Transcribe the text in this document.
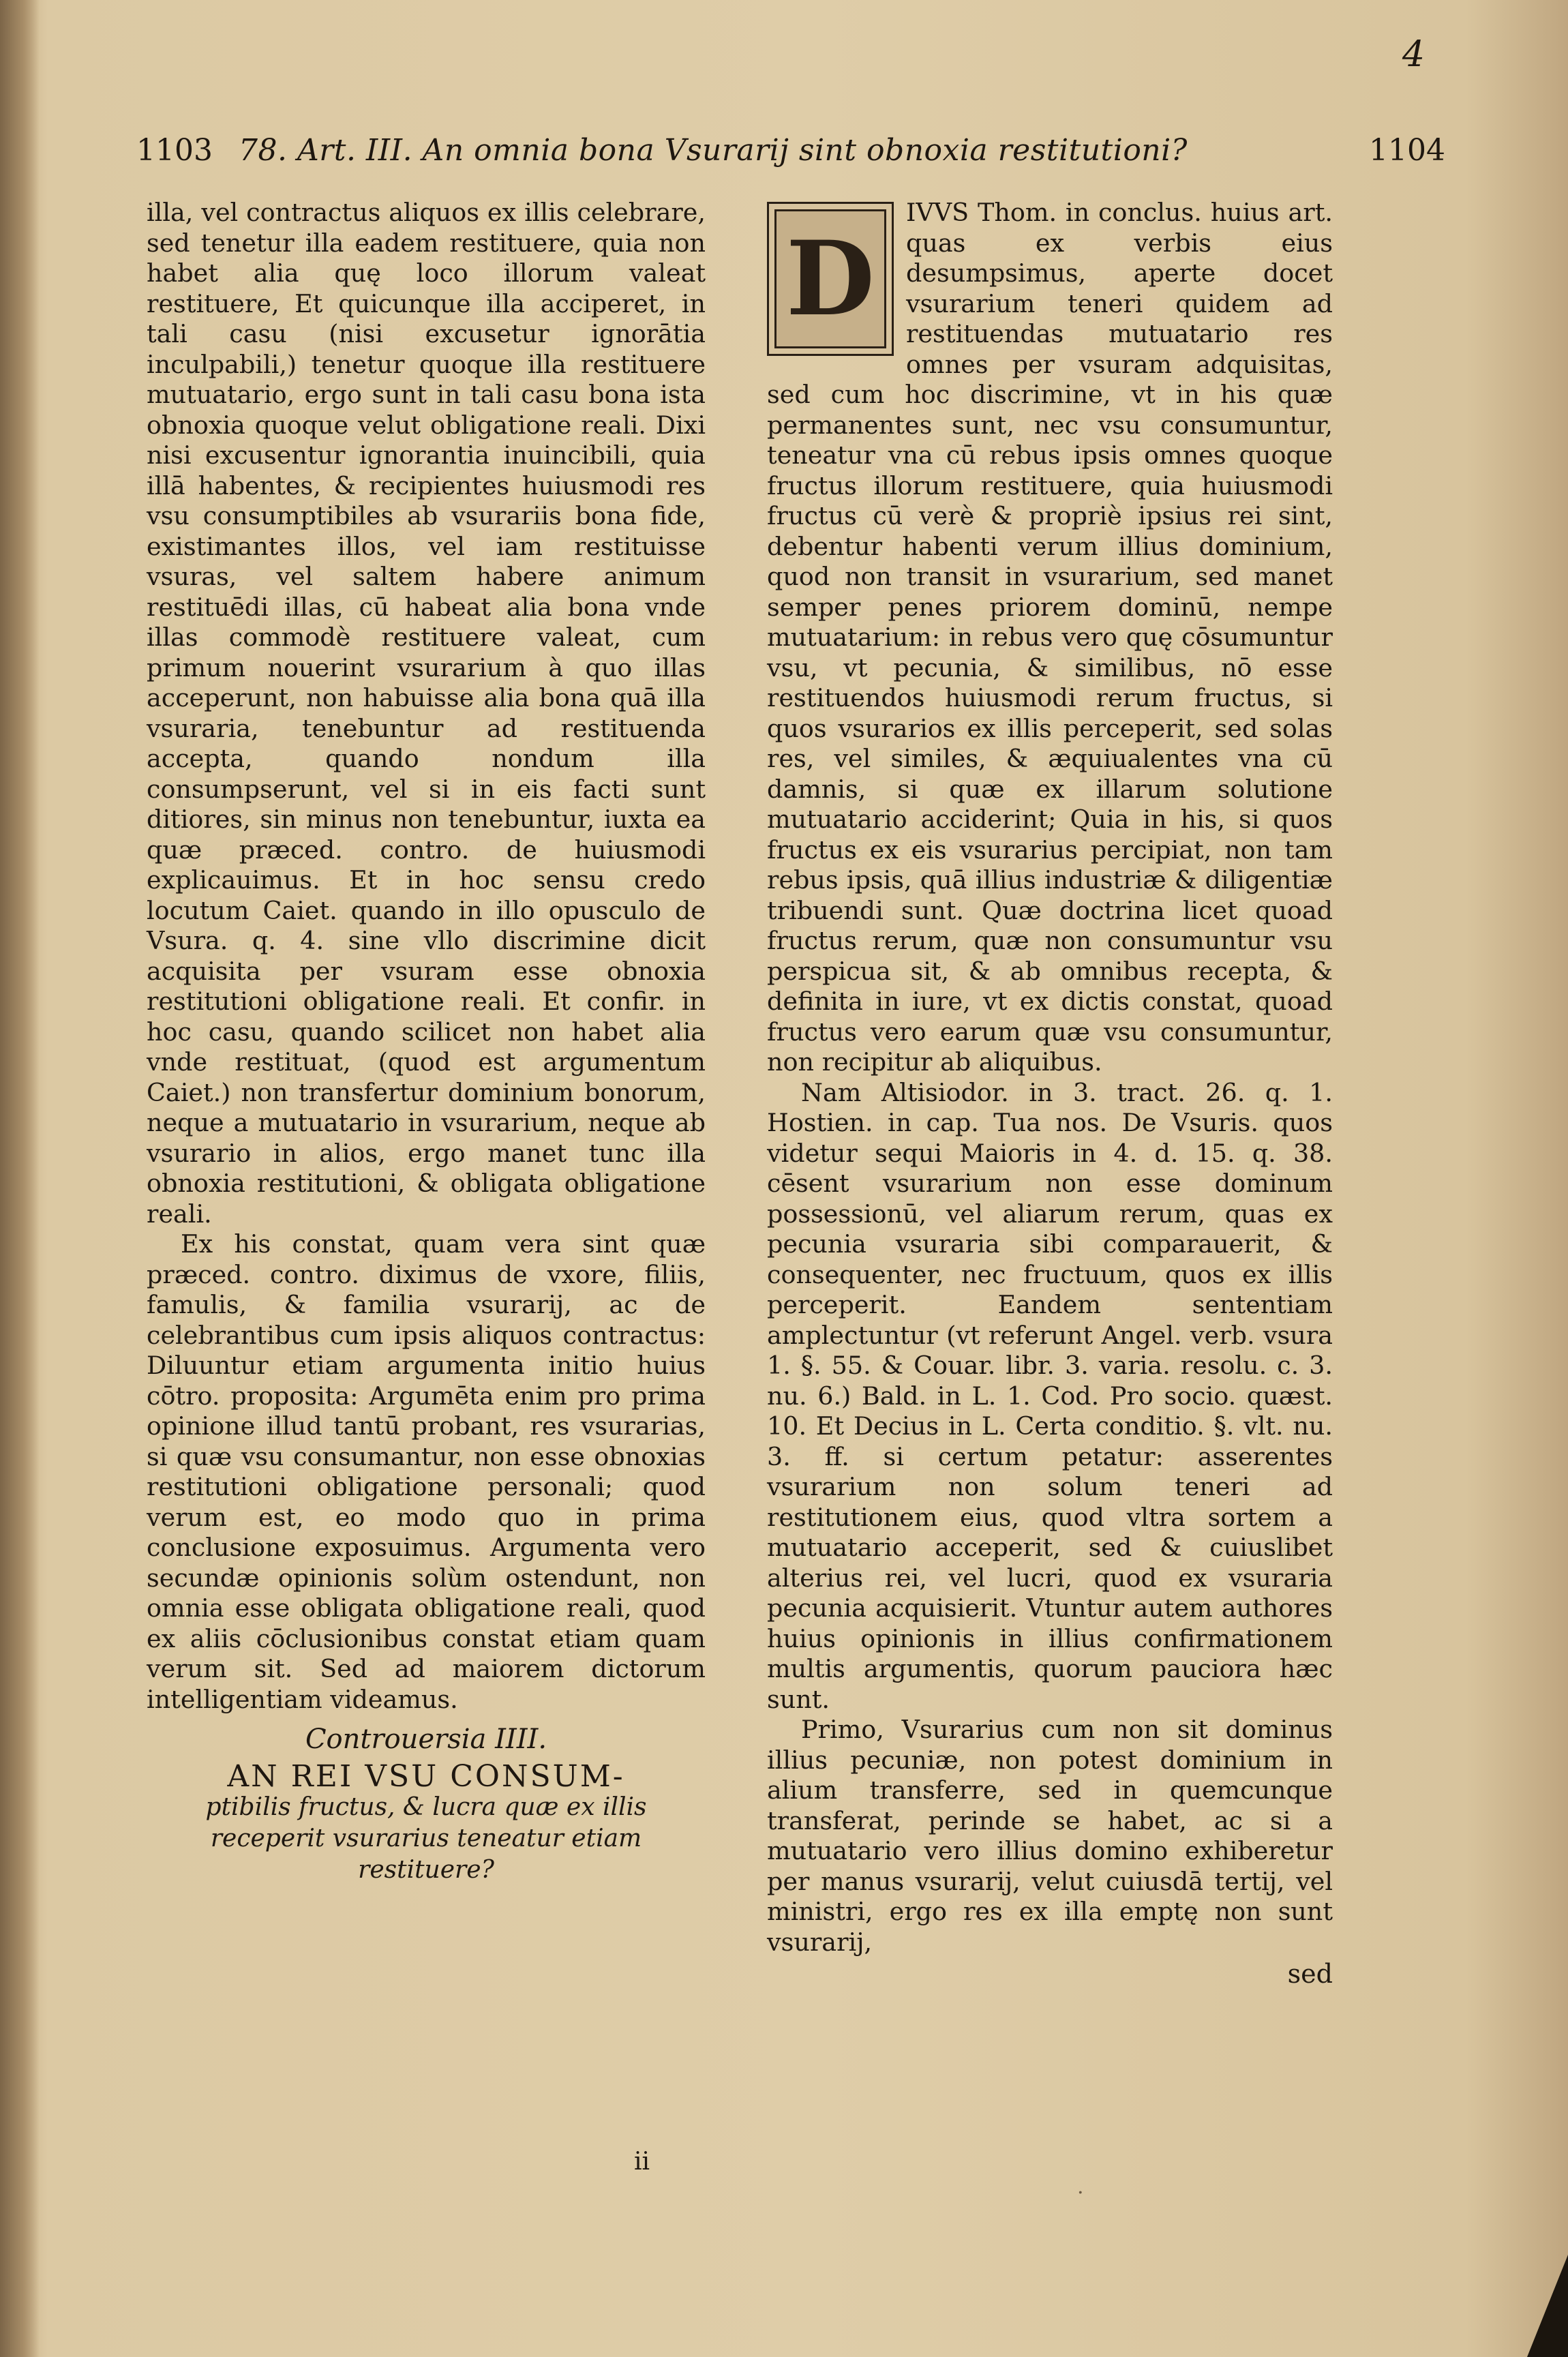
4
1103 78. Art. III. An omnia bona Vsurarij sint obnoxia restitutioni?	1104

illa, vel contractus aliquos ex illis celebrare, sed tenetur illa eadem restituere, quia non habet alia quę loco illorum valeat restituere, Et quicunque illa acciperet, in tali casu (nisi excusetur ignorātia inculpabili,) tenetur quoque illa restituere mutuatario, ergo sunt in tali casu bona ista obnoxia quoque velut obligatione reali. Dixi nisi excusentur ignorantia inuincibili, quia illā habentes, & recipientes huiusmodi res vsu consumptibiles ab vsurariis bona fide, existimantes illos, vel iam restituisse vsuras, vel saltem habere animum restituēdi illas, cū habeat alia bona vnde illas commodè restituere valeat, cum primum nouerint vsurarium à quo illas acceperunt, non habuisse alia bona quā illa vsuraria, tenebuntur ad restituenda accepta, quando nondum illa consumpserunt, vel si in eis facti sunt ditiores, sin minus non tenebuntur, iuxta ea quæ præced. contro. de huiusmodi explicauimus. Et in hoc sensu credo locutum Caiet. quando in illo opusculo de Vsura. q. 4. sine vllo discrimine dicit acquisita per vsuram esse obnoxia restitutioni obligatione reali. Et confir. in hoc casu, quando scilicet non habet alia vnde restituat, (quod est argumentum Caiet.) non transfertur dominium bonorum, neque a mutuatario in vsurarium, neque ab vsurario in alios, ergo manet tunc illa obnoxia restitutioni, & obligata obligatione reali.

Ex his constat, quam vera sint quæ præced. contro. diximus de vxore, filiis, famulis, & familia vsurarij, ac de celebrantibus cum ipsis aliquos contractus: Diluuntur etiam argumenta initio huius cōtro. proposita: Argumēta enim pro prima opinione illud tantū probant, res vsurarias, si quæ vsu consumantur, non esse obnoxias restitutioni obligatione personali; quod verum est, eo modo quo in prima conclusione exposuimus. Argumenta vero secundæ opinionis solùm ostendunt, non omnia esse obligata obligatione reali, quod ex aliis cōclusionibus constat etiam quam verum sit. Sed ad maiorem dictorum intelligentiam videamus.

Controuersia IIII.
AN REI VSU CONSUM-
ptibilis fructus, & lucra quæ ex illis receperit vsurarius teneatur etiam restituere?
ii
D

IVVS Thom. in conclus. huius art. quas ex verbis eius desumpsimus, aperte docet vsurarium teneri quidem ad restituendas mutuatario res omnes per vsuram adquisitas, sed cum hoc discrimine, vt in his quæ permanentes sunt, nec vsu consumuntur, teneatur vna cū rebus ipsis omnes quoque fructus illorum restituere, quia huiusmodi fructus cū verè & propriè ipsius rei sint, debentur habenti verum illius dominium, quod non transit in vsurarium, sed manet semper penes priorem dominū, nempe mutuatarium: in rebus vero quę cōsumuntur vsu, vt pecunia, & similibus, nō esse restituendos huiusmodi rerum fructus, si quos vsurarios ex illis perceperit, sed solas res, vel similes, & æquiualentes vna cū damnis, si quæ ex illarum solutione mutuatario acciderint; Quia in his, si quos fructus ex eis vsurarius percipiat, non tam rebus ipsis, quā illius industriæ & diligentiæ tribuendi sunt. Quæ doctrina licet quoad fructus rerum, quæ non consumuntur vsu perspicua sit, & ab omnibus recepta, & definita in iure, vt ex dictis constat, quoad fructus vero earum quæ vsu consumuntur, non recipitur ab aliquibus.

Nam Altisiodor. in 3. tract. 26. q. 1. Hostien. in cap. Tua nos. De Vsuris. quos videtur sequi Maioris in 4. d. 15. q. 38. cēsent vsurarium non esse dominum possessionū, vel aliarum rerum, quas ex pecunia vsuraria sibi comparauerit, & consequenter, nec fructuum, quos ex illis perceperit. Eandem sententiam amplectuntur (vt referunt Angel. verb. vsura 1. §. 55. & Couar. libr. 3. varia. resolu. c. 3. nu. 6.) Bald. in L. 1. Cod. Pro socio. quæst. 10. Et Decius in L. Certa conditio. §. vlt. nu. 3. ff. si certum petatur: asserentes vsurarium non solum teneri ad restitutionem eius, quod vltra sortem a mutuatario acceperit, sed & cuiuslibet alterius rei, vel lucri, quod ex vsuraria pecunia acquisierit. Vtuntur autem authores huius opinionis in illius confirmationem multis argumentis, quorum pauciora hæc sunt.

Primo, Vsurarius cum non sit dominus illius pecuniæ, non potest dominium in alium transferre, sed in quemcunque transferat, perinde se habet, ac si a mutuatario vero illius domino exhiberetur per manus vsurarij, velut cuiusdā tertij, vel ministri, ergo res ex illa emptę non sunt vsurarij,

sed
.
